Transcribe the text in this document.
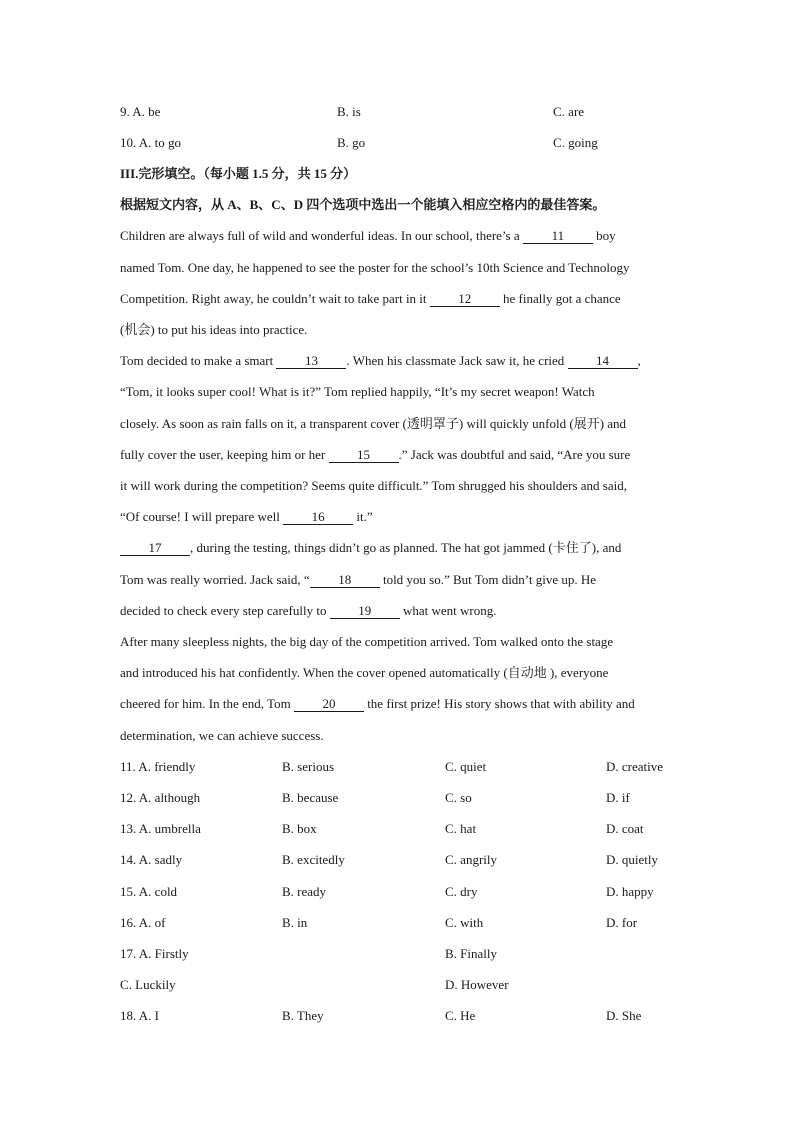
9. A. be	B. is	C. are
10. A. to go	B. go	C. going
III.完形填空。（每小题 1.5 分，共 15 分）
根据短文内容，从 A、B、C、D 四个选项中选出一个能填入相应空格内的最佳答案。
Children are always full of wild and wonderful ideas. In our school, there’s a 11 boy
named Tom. One day, he happened to see the poster for the school’s 10th Science and Technology
Competition. Right away, he couldn’t wait to take part in it 12 he finally got a chance
(机会) to put his ideas into practice.
Tom decided to make a smart 13 . When his classmate Jack saw it, he cried 14 ,
“Tom, it looks super cool! What is it?” Tom replied happily, “It’s my secret weapon! Watch
closely. As soon as rain falls on it, a transparent cover (透明罩子) will quickly unfold (展开) and
fully cover the user, keeping him or her 15 .” Jack was doubtful and said, “Are you sure
it will work during the competition? Seems quite difficult.” Tom shrugged his shoulders and said,
“Of course! I will prepare well 16 it.”
17 , during the testing, things didn’t go as planned. The hat got jammed (卡住了), and
Tom was really worried. Jack said, “ 18 told you so.” But Tom didn’t give up. He
decided to check every step carefully to 19 what went wrong.
After many sleepless nights, the big day of the competition arrived. Tom walked onto the stage
and introduced his hat confidently. When the cover opened automatically (自动地 ), everyone
cheered for him. In the end, Tom 20 the first prize! His story shows that with ability and
determination, we can achieve success.
11. A. friendly	B. serious	C. quiet	D. creative
12. A. although	B. because	C. so	D. if
13. A. umbrella	B. box	C. hat	D. coat
14. A. sadly	B. excitedly	C. angrily	D. quietly
15. A. cold	B. ready	C. dry	D. happy
16. A. of	B. in	C. with	D. for
17. A. Firstly	B. Finally
C. Luckily	D. However
18. A. I	B. They	C. He	D. She
